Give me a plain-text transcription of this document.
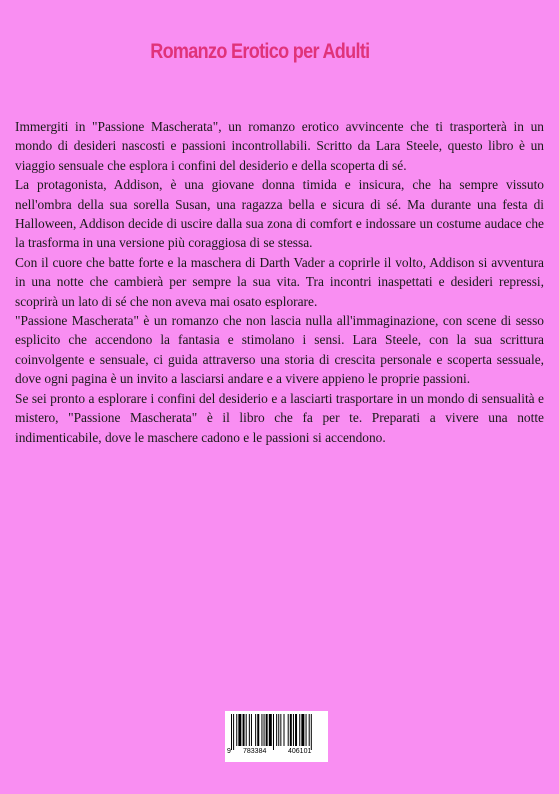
Romanzo Erotico per Adulti

Immergiti in "Passione Mascherata", un romanzo erotico avvincente che ti trasporterà in un mondo di desideri nascosti e passioni incontrollabili. Scritto da Lara Steele, questo libro è un viaggio sensuale che esplora i confini del desiderio e della scoperta di sé.

La protagonista, Addison, è una giovane donna timida e insicura, che ha sempre vissuto nell'ombra della sua sorella Susan, una ragazza bella e sicura di sé. Ma durante una festa di Halloween, Addison decide di uscire dalla sua zona di comfort e indossare un costume audace che la trasforma in una versione più coraggiosa di se stessa.

Con il cuore che batte forte e la maschera di Darth Vader a coprirle il volto, Addison si avventura in una notte che cambierà per sempre la sua vita. Tra incontri inaspettati e desideri repressi, scoprirà un lato di sé che non aveva mai osato esplorare.

"Passione Mascherata" è un romanzo che non lascia nulla all'immaginazione, con scene di sesso esplicito che accendono la fantasia e stimolano i sensi. Lara Steele, con la sua scrittura coinvolgente e sensuale, ci guida attraverso una storia di crescita personale e scoperta sessuale, dove ogni pagina è un invito a lasciarsi andare e a vivere appieno le proprie passioni.

Se sei pronto a esplorare i confini del desiderio e a lasciarti trasportare in un mondo di sensualità e mistero, "Passione Mascherata" è il libro che fa per te. Preparati a vivere una notte indimenticabile, dove le maschere cadono e le passioni si accendono.

9 783384	406101
